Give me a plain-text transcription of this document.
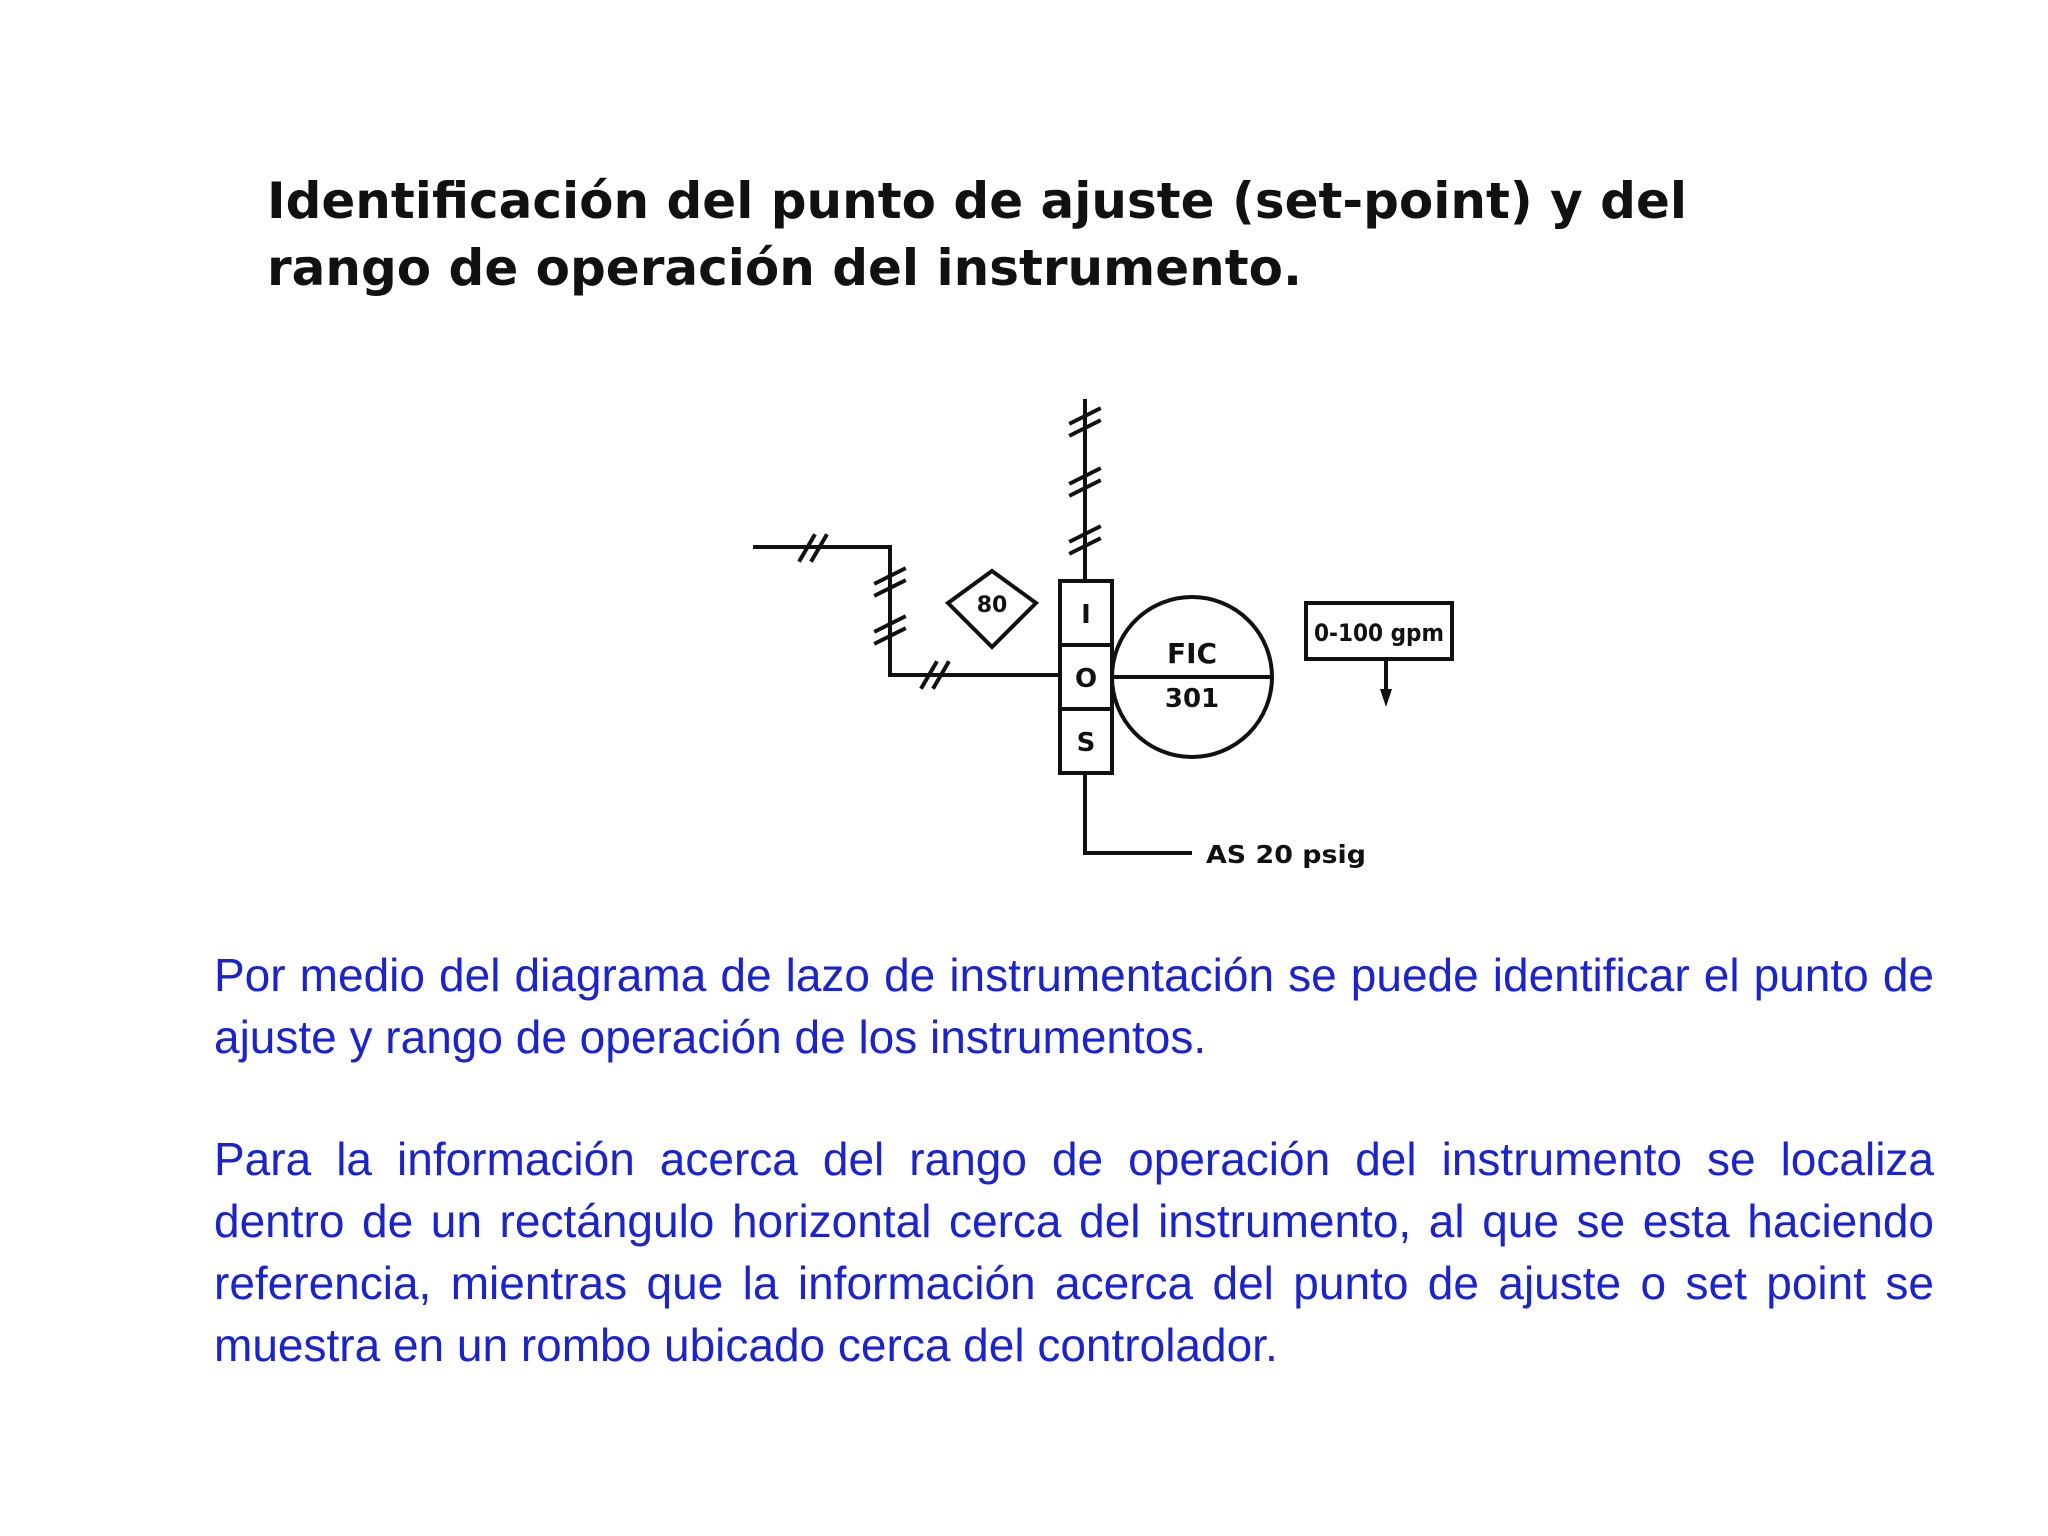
Identificación del punto de ajuste (set-point) y del
rango de operación del instrumento.
80	I
O
S
FIC
301
0-100 gpm
AS 20 psig

Por medio del diagrama de lazo de instrumentación se puede identificar el punto de ajuste y rango de operación de los instrumentos.

Para la información acerca del rango de operación del instrumento se localiza dentro de un rectángulo horizontal cerca del instrumento, al que se esta haciendo referencia, mientras que la información acerca del punto de ajuste o set point se muestra en un rombo ubicado cerca del controlador.
